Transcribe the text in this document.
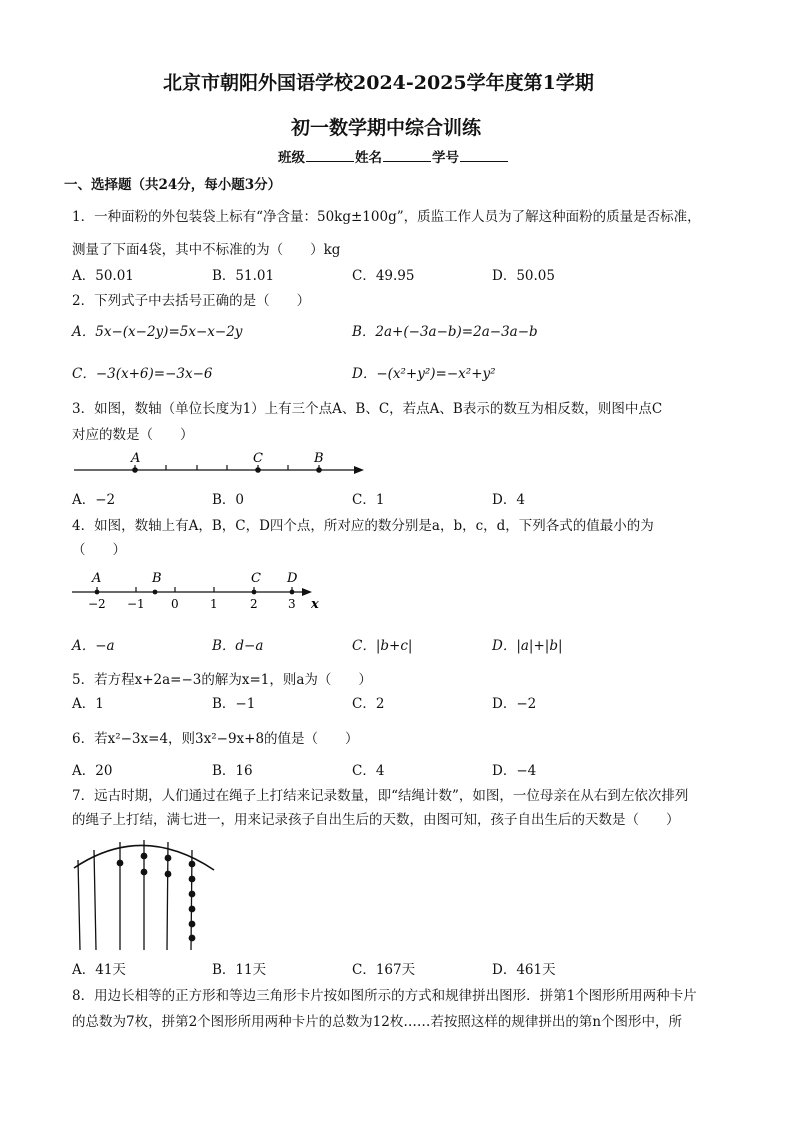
北京市朝阳外国语学校2024-2025学年度第1学期
初一数学期中综合训练
班级	姓名	学号
一、选择题（共24分，每小题3分）
1．一种面粉的外包装袋上标有“净含量：50kg±100g”，质监工作人员为了解这种面粉的质量是否标准，
测量了下面4袋，其中不标准的为（　　）kg
A．50.01	B．51.01	C．49.95	D．50.05
2．下列式子中去括号正确的是（　　）
A．5x−(x−2y)=5x−x−2y	B．2a+(−3a−b)=2a−3a−b
C．−3(x+6)=−3x−6	D．−(x²+y²)=−x²+y²
3．如图，数轴（单位长度为1）上有三个点A、B、C，若点A、B表示的数互为相反数，则图中点C
对应的数是（　　）
A	C	B
A．−2	B．0	C．1	D．4
4．如图，数轴上有A，B，C，D四个点，所对应的数分别是a，b，c，d，下列各式的值最小的为
（　　）
A	B	C D
−2 −1 0	1	2	3 x
A．−a	B．d−a	C．|b+c|	D．|a|+|b|
5．若方程x+2a=−3的解为x=1，则a为（　　）
A．1	B．−1	C．2	D．−2
6．若x²−3x=4，则3x²−9x+8的值是（　　）
A．20	B．16	C．4	D．−4
7．远古时期，人们通过在绳子上打结来记录数量，即“结绳计数”，如图，一位母亲在从右到左依次排列
的绳子上打结，满七进一，用来记录孩子自出生后的天数，由图可知，孩子自出生后的天数是（　　）
A．41天	B．11天	C．167天	D．461天
8．用边长相等的正方形和等边三角形卡片按如图所示的方式和规律拼出图形．拼第1个图形所用两种卡片
的总数为7枚，拼第2个图形所用两种卡片的总数为12枚……若按照这样的规律拼出的第n个图形中，所
